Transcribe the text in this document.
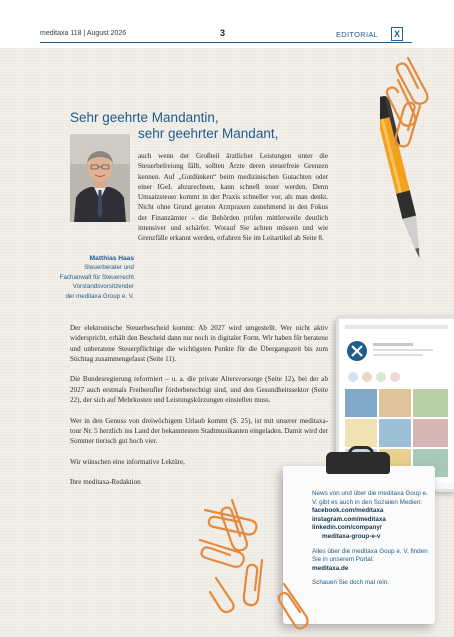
meditaxa 118 | August 2026	3	EDITORIAL	X
Sehr geehrte Mandantin,
sehr geehrter Mandant,
Matthias Haas
Steuerberater und
Fachanwalt für Steuerrecht
Vorstandsvorsitzender
der meditaxa Group e. V.

auch wenn der Großteil ärztlicher Leistungen unter die Steuerbefreiung fällt, sollten Ärzte deren steuerfreie Grenzen kennen. Auf „Gutdünken“ beim medizinischen Gutachten oder einer IGeL abzurechnen, kann schnell teuer werden. Denn Umsatzsteuer kommt in der Praxis schneller vor, als man denkt. Nicht ohne Grund geraten Arztpraxen zunehmend in den Fokus der Finanzämter – die Behörden prüfen mittlerweile deutlich intensiver und schärfer. Worauf Sie achten müssen und wie Grenzfälle erkannt werden, erfahren Sie im Leitartikel ab Seite 8.

Der elektronische Steuerbescheid kommt: Ab 2027 wird umgestellt. Wer nicht aktiv widerspricht, erhält den Bescheid dann nur noch in digitaler Form. Wir haben für beratene und unberatene Steuerpflichtige die wichtigsten Punkte für die Übergangszeit bis zum Stichtag zusammengefasst (Seite 11).

Die Bundesregierung reformiert – u. a. die private Altersvorsorge (Seite 12), bei der ab 2027 auch erstmals Freiberufler förderberechtigt sind, und den Gesundheitssektor (Seite 22), der sich auf Mehrkosten und Leistungskürzungen einstellen muss.

Wer in den Genuss von dreiwöchigem Urlaub kommt (S. 25), ist mit unserer meditaxa-tour Nr. 5 herzlich ins Land der bekanntesten Stadtmusikanten eingeladen. Damit wird der Sommer tierisch gut hoch vier.

Wir wünschen eine informative Lektüre,

Ihre meditaxa-Redaktion

News von und über die meditaxa Goup e. V. gibt es auch in den Sozialen Medien:
facebook.com/meditaxa
instagram.com/meditaxa
linkedin.com/company/
meditaxa-group-e-v
Alles über die meditaxa Goup e. V. finden Sie in unserem Portal:
meditaxa.de
Schauen Sie doch mal rein.
